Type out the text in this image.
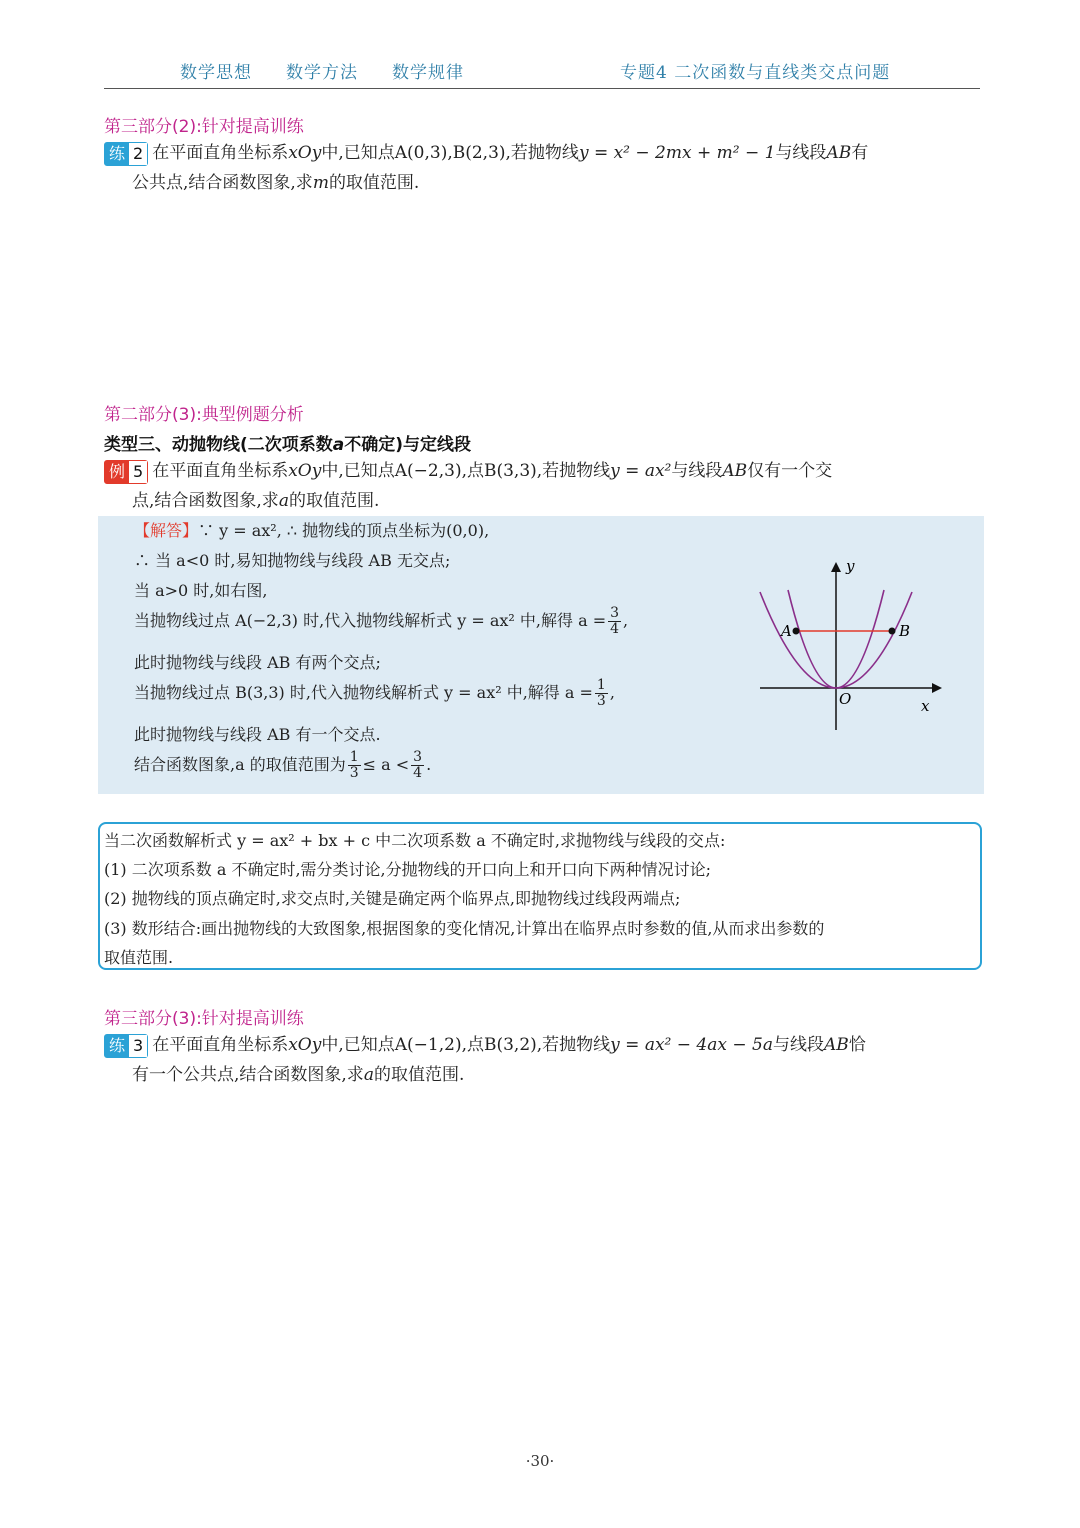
数学思想 数学方法 数学规律	专题4 二次函数与直线类交点问题
第三部分(2):针对提高训练
练 2 在平面直角坐标系xOy中,已知点A(0,3),B(2,3),若抛物线y = x² − 2mx + m² − 1与线段AB有
公共点,结合函数图象,求m的取值范围.
第二部分(3):典型例题分析
类型三、动抛物线(二次项系数a不确定)与定线段
例 5 在平面直角坐标系xOy中,已知点A(−2,3),点B(3,3),若抛物线y = ax²与线段AB仅有一个交
点,结合函数图象,求a的取值范围.
【解答】∵ y = ax², ∴ 抛物线的顶点坐标为(0,0),
∴ 当 a<0 时,易知抛物线与线段 AB 无交点;
当 a>0 时,如右图,
当抛物线过点 A(−2,3) 时,代入抛物线解析式 y = ax² 中,解得 $a = \frac{3}{4}$ ,
此时抛物线与线段 AB 有两个交点;
当抛物线过点 B(3,3) 时,代入抛物线解析式 y = ax² 中,解得 $a = \frac{1}{3}$ ,
此时抛物线与线段 AB 有一个交点.
结合函数图象,a 的取值范围为 $\frac{1}{3} \le a < \frac{3}{4}$ .
A	B
O
y
x
当二次函数解析式 y = ax² + bx + c 中二次项系数 a 不确定时,求抛物线与线段的交点:
(1) 二次项系数 a 不确定时,需分类讨论,分抛物线的开口向上和开口向下两种情况讨论;
(2) 抛物线的顶点确定时,求交点时,关键是确定两个临界点,即抛物线过线段两端点;
(3) 数形结合:画出抛物线的大致图象,根据图象的变化情况,计算出在临界点时参数的值,从而求出参数的
取值范围.
第三部分(3):针对提高训练
练 3 在平面直角坐标系xOy中,已知点A(−1,2),点B(3,2),若抛物线y = ax² − 4ax − 5a与线段AB恰
有一个公共点,结合函数图象,求a的取值范围.
·30·
